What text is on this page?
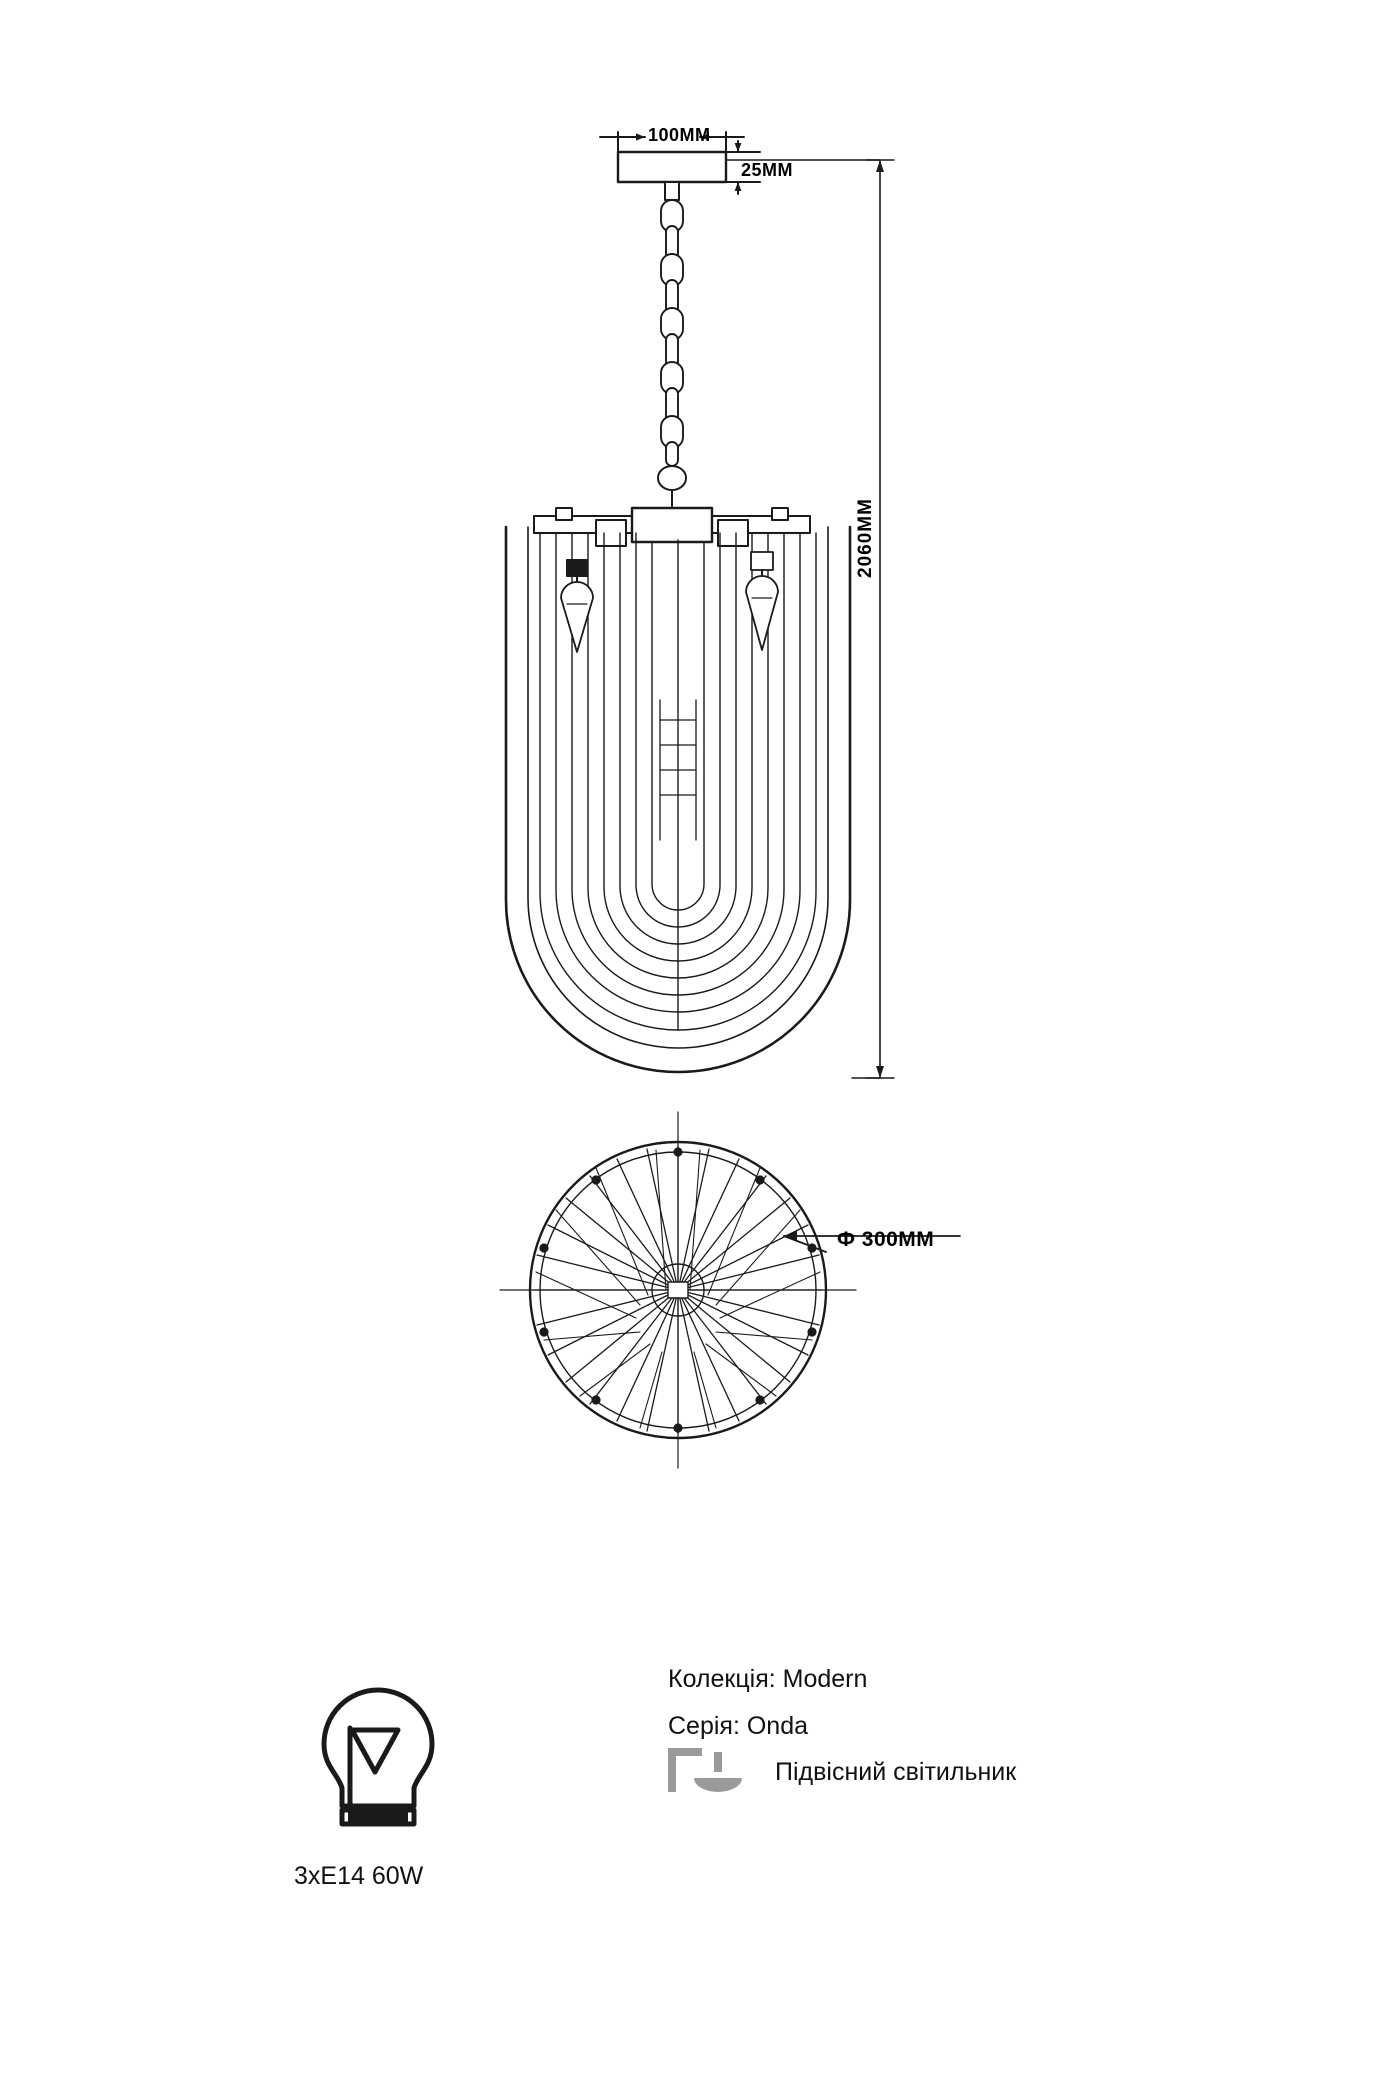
100MM
25MM
2060MM
Ф 300MM
Колекція: Modern
Серія: Onda
Підвісний світильник
3xE14 60W
